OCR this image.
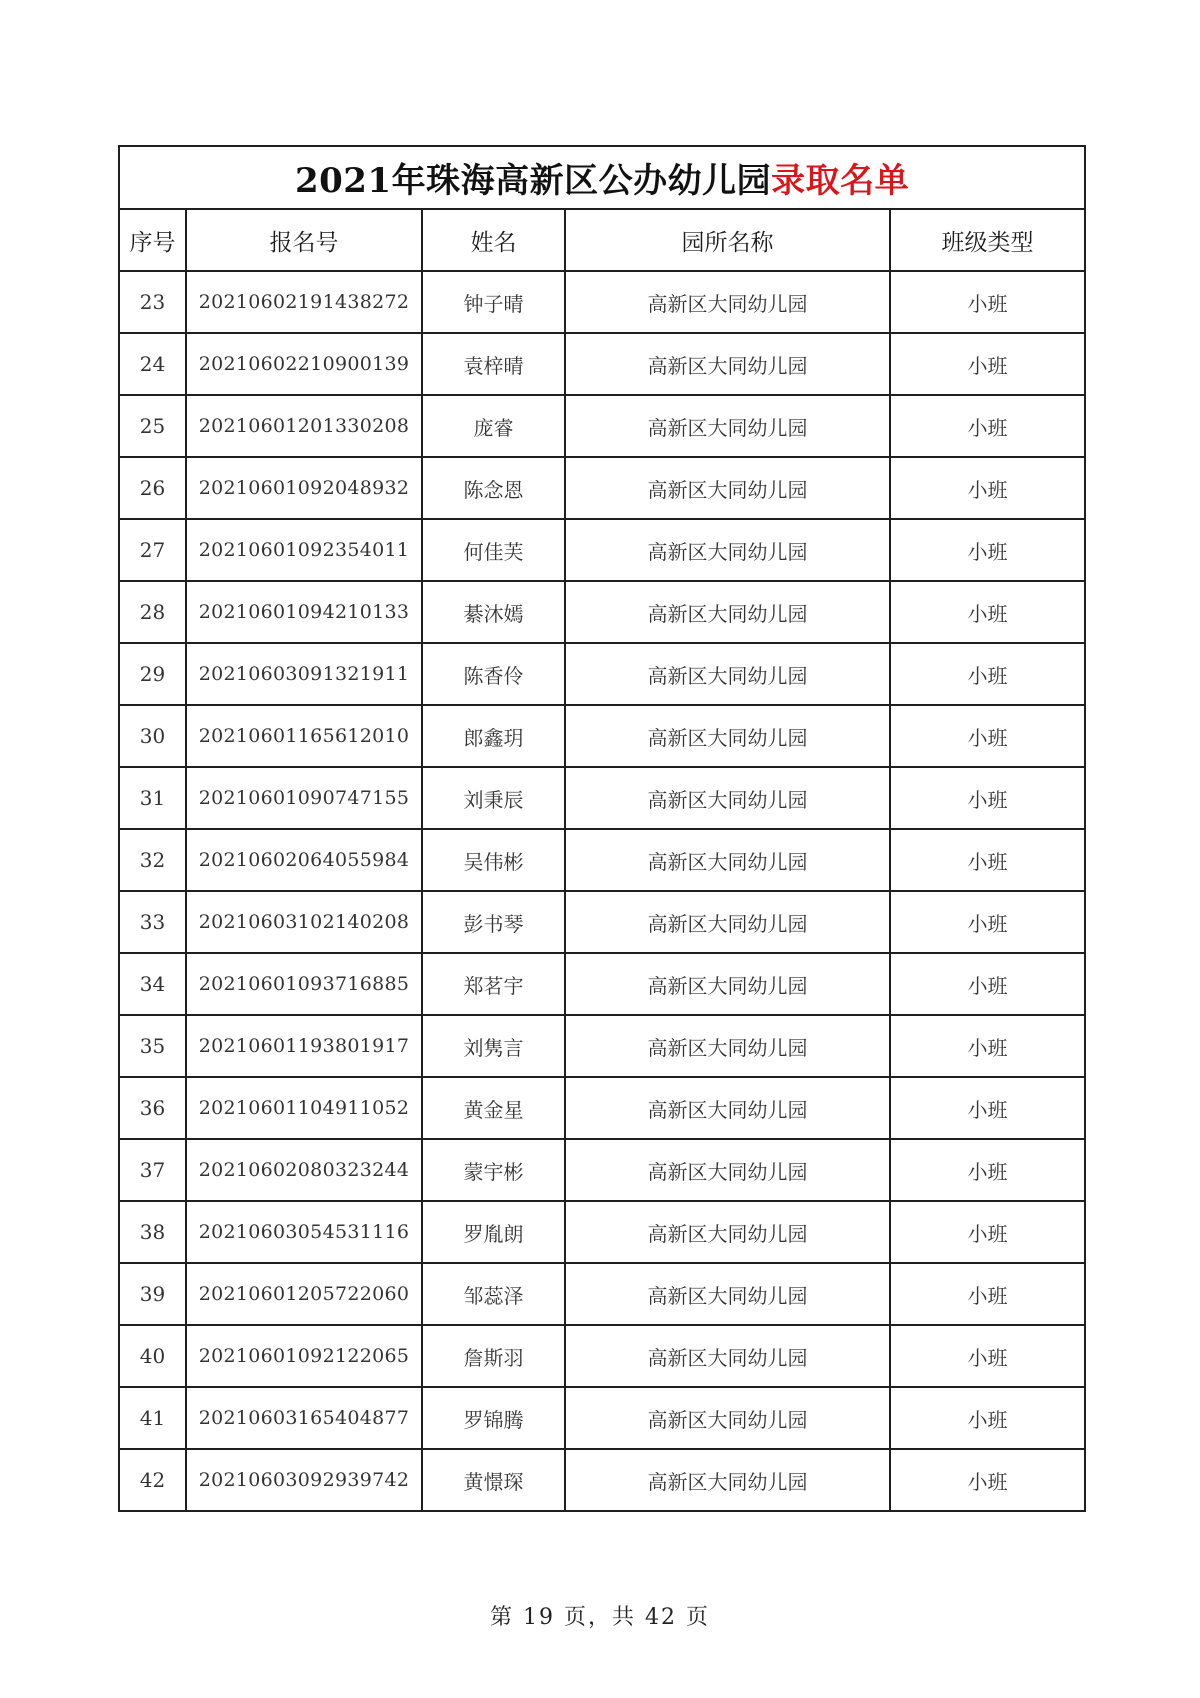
2021年珠海高新区公办幼儿园录取名单				
序号	报名号	姓名	园所名称	班级类型
23	20210602191438272	钟子晴	高新区大同幼儿园	小班
24	20210602210900139	袁梓晴	高新区大同幼儿园	小班
25	20210601201330208	庞睿	高新区大同幼儿园	小班
26	20210601092048932	陈念恩	高新区大同幼儿园	小班
27	20210601092354011	何佳芙	高新区大同幼儿园	小班
28	20210601094210133	綦沐嫣	高新区大同幼儿园	小班
29	20210603091321911	陈香伶	高新区大同幼儿园	小班
30	20210601165612010	郎鑫玥	高新区大同幼儿园	小班
31	20210601090747155	刘秉辰	高新区大同幼儿园	小班
32	20210602064055984	吴伟彬	高新区大同幼儿园	小班
33	20210603102140208	彭书琴	高新区大同幼儿园	小班
34	20210601093716885	郑茗宇	高新区大同幼儿园	小班
35	20210601193801917	刘隽言	高新区大同幼儿园	小班
36	20210601104911052	黄金星	高新区大同幼儿园	小班
37	20210602080323244	蒙宇彬	高新区大同幼儿园	小班
38	20210603054531116	罗胤朗	高新区大同幼儿园	小班
39	20210601205722060	邹蕊泽	高新区大同幼儿园	小班
40	20210601092122065	詹斯羽	高新区大同幼儿园	小班
41	20210603165404877	罗锦腾	高新区大同幼儿园	小班
42	20210603092939742	黄憬琛	高新区大同幼儿园	小班
第 19 页，共 42 页
